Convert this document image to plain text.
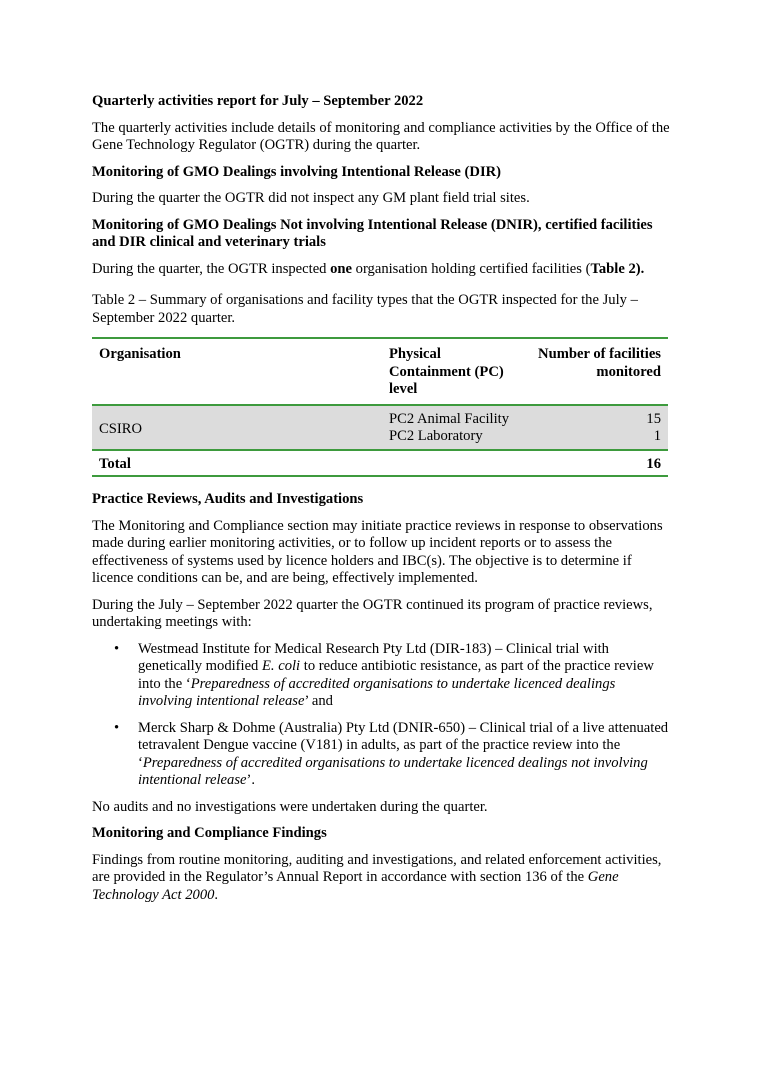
Quarterly activities report for July – September 2022

The quarterly activities include details of monitoring and compliance activities by the Office of the Gene Technology Regulator (OGTR) during the quarter.

Monitoring of GMO Dealings involving Intentional Release (DIR)

During the quarter the OGTR did not inspect any GM plant field trial sites.

Monitoring of GMO Dealings Not involving Intentional Release (DNIR), certified facilities and DIR clinical and veterinary trials

During the quarter, the OGTR inspected one organisation holding certified facilities (Table 2).

Table 2 – Summary of organisations and facility types that the OGTR inspected for the July – September 2022 quarter.

Organisation	Physical Containment (PC) level	Number of facilities monitored
CSIRO	PC2 Animal Facility	15
	PC2 Laboratory	1
Total		16
Practice Reviews, Audits and Investigations

The Monitoring and Compliance section may initiate practice reviews in response to observations made during earlier monitoring activities, or to follow up incident reports or to assess the effectiveness of systems used by licence holders and IBC(s). The objective is to determine if licence conditions can be, and are being, effectively implemented.

During the July – September 2022 quarter the OGTR continued its program of practice reviews, undertaking meetings with:

• Westmead Institute for Medical Research Pty Ltd (DIR-183) – Clinical trial with genetically modified E. coli to reduce antibiotic resistance, as part of the practice review into the ‘Preparedness of accredited organisations to undertake licenced dealings involving intentional release’ and
• Merck Sharp & Dohme (Australia) Pty Ltd (DNIR-650) – Clinical trial of a live attenuated tetravalent Dengue vaccine (V181) in adults, as part of the practice review into the ‘Preparedness of accredited organisations to undertake licenced dealings not involving intentional release’.

No audits and no investigations were undertaken during the quarter.

Monitoring and Compliance Findings

Findings from routine monitoring, auditing and investigations, and related enforcement activities, are provided in the Regulator’s Annual Report in accordance with section 136 of the Gene Technology Act 2000.
